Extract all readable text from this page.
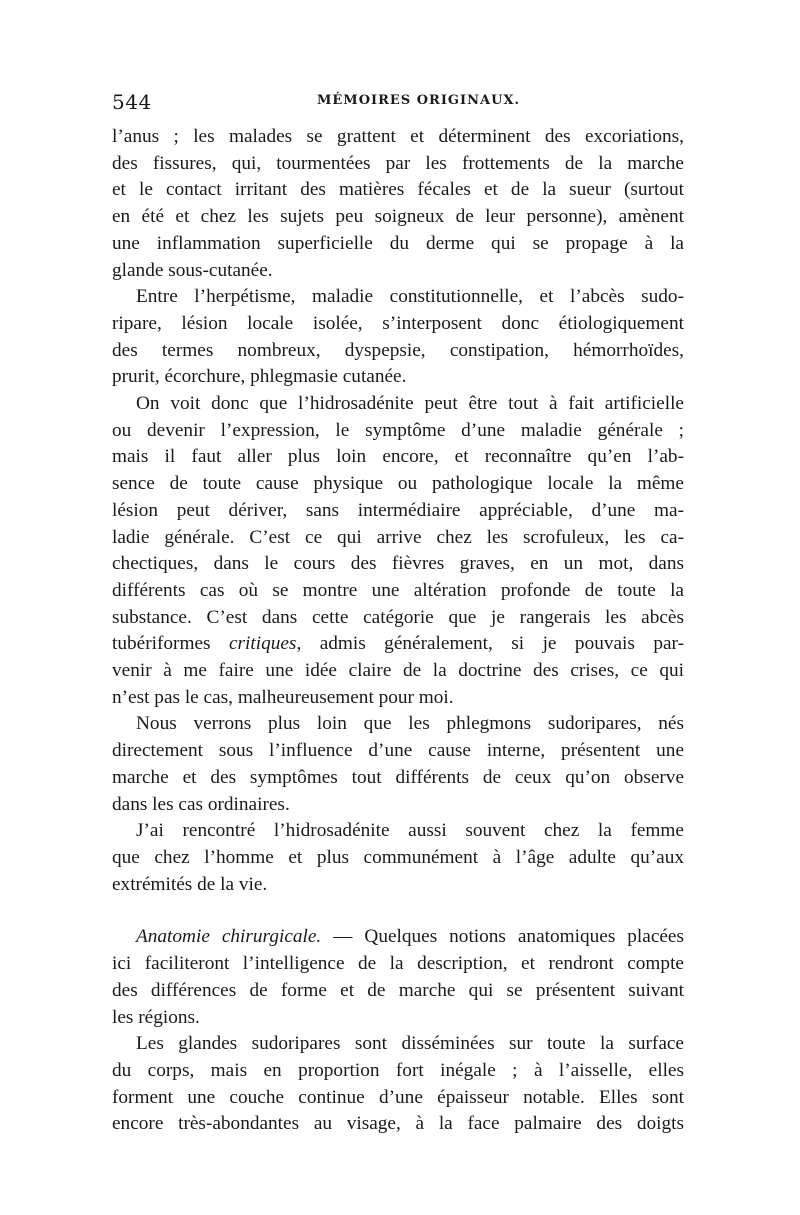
544	MÉMOIRES ORIGINAUX.
l’anus ; les malades se grattent et déterminent des excoriations,
des fissures, qui, tourmentées par les frottements de la marche
et le contact irritant des matières fécales et de la sueur (surtout
en été et chez les sujets peu soigneux de leur personne), amènent
une inflammation superficielle du derme qui se propage à la
glande sous-cutanée.
Entre l’herpétisme, maladie constitutionnelle, et l’abcès sudo-
ripare, lésion locale isolée, s’interposent donc étiologiquement
des termes nombreux, dyspepsie, constipation, hémorrhoïdes,
prurit, écorchure, phlegmasie cutanée.
On voit donc que l’hidrosadénite peut être tout à fait artificielle
ou devenir l’expression, le symptôme d’une maladie générale ;
mais il faut aller plus loin encore, et reconnaître qu’en l’ab-
sence de toute cause physique ou pathologique locale la même
lésion peut dériver, sans intermédiaire appréciable, d’une ma-
ladie générale. C’est ce qui arrive chez les scrofuleux, les ca-
chectiques, dans le cours des fièvres graves, en un mot, dans
différents cas où se montre une altération profonde de toute la
substance. C’est dans cette catégorie que je rangerais les abcès
tubériformes critiques, admis généralement, si je pouvais par-
venir à me faire une idée claire de la doctrine des crises, ce qui
n’est pas le cas, malheureusement pour moi.
Nous verrons plus loin que les phlegmons sudoripares, nés
directement sous l’influence d’une cause interne, présentent une
marche et des symptômes tout différents de ceux qu’on observe
dans les cas ordinaires.
J’ai rencontré l’hidrosadénite aussi souvent chez la femme
que chez l’homme et plus communément à l’âge adulte qu’aux
extrémités de la vie.
Anatomie chirurgicale. — Quelques notions anatomiques placées
ici faciliteront l’intelligence de la description, et rendront compte
des différences de forme et de marche qui se présentent suivant
les régions.
Les glandes sudoripares sont disséminées sur toute la surface
du corps, mais en proportion fort inégale ; à l’aisselle, elles
forment une couche continue d’une épaisseur notable. Elles sont
encore très-abondantes au visage, à la face palmaire des doigts
